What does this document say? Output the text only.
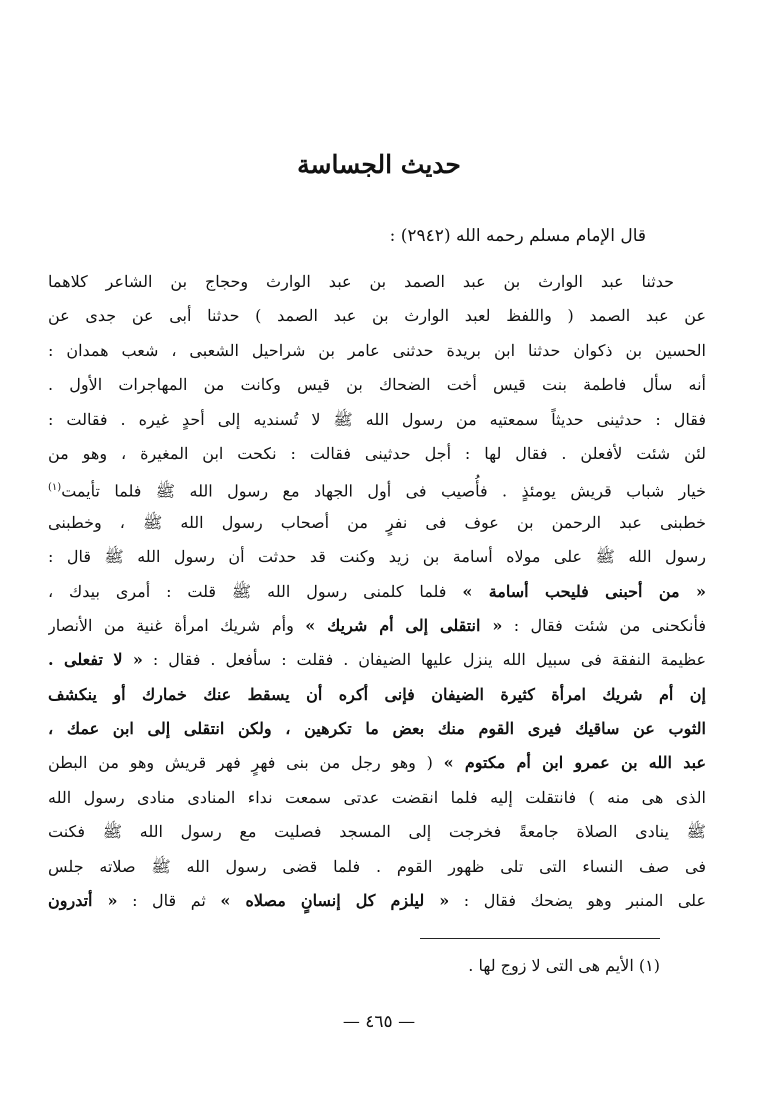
حديث الجساسة

قال الإمام مسلم رحمه الله (٢٩٤٢) :

حدثنا عبد الوارث بن عبد الصمد بن عبد الوارث وحجاج بن الشاعر كلاهما
عن عبد الصمد ( واللفظ لعبد الوارث بن عبد الصمد ) حدثنا أبى عن جدى عن
الحسين بن ذكوان حدثنا ابن بريدة حدثنى عامر بن شراحيل الشعبى ، شعب همدان :
أنه سأل فاطمة بنت قيس أخت الضحاك بن قيس وكانت من المهاجرات الأول .
فقال : حدثينى حديثاً سمعتيه من رسول الله ﷺ لا تُسنديه إلى أحدٍ غيره . فقالت :
لئن شئت لأفعلن . فقال لها : أجل حدثينى فقالت : نكحت ابن المغيرة ، وهو من
خيار شباب قريش يومئذٍ . فأُصيب فى أول الجهاد مع رسول الله ﷺ فلما تأيمت$^{(١)}$
خطبنى عبد الرحمن بن عوف فى نفرٍ من أصحاب رسول الله ﷺ ، وخطبنى
رسول الله ﷺ على مولاه أسامة بن زيد وكنت قد حدثت أن رسول الله ﷺ قال :
« من أحبنى فليحب أسامة » فلما كلمنى رسول الله ﷺ قلت : أمرى بيدك ،
فأنكحنى من شئت فقال : « انتقلى إلى أم شريك » وأم شريك امرأة غنية من الأنصار
عظيمة النفقة فى سبيل الله ينزل عليها الضيفان . فقلت : سأفعل . فقال : « لا تفعلى .
إن أم شريك امرأة كثيرة الضيفان فإنى أكره أن يسقط عنك خمارك أو ينكشف
الثوب عن ساقيك فيرى القوم منك بعض ما تكرهين ، ولكن انتقلى إلى ابن عمك ،
عبد الله بن عمرو ابن أم مكتوم » ( وهو رجل من بنى فهرٍ فهر قريش وهو من البطن
الذى هى منه ) فانتقلت إليه فلما انقضت عدتى سمعت نداء المنادى منادى رسول الله
ﷺ ينادى الصلاة جامعةً فخرجت إلى المسجد فصليت مع رسول الله ﷺ فكنت
فى صف النساء التى تلى ظهور القوم . فلما قضى رسول الله ﷺ صلاته جلس
على المنبر وهو يضحك فقال : « ليلزم كل إنسانٍ مصلاه » ثم قال : « أتدرون

(١) الأيم هى التى لا زوج لها .

— ٤٦٥ —
